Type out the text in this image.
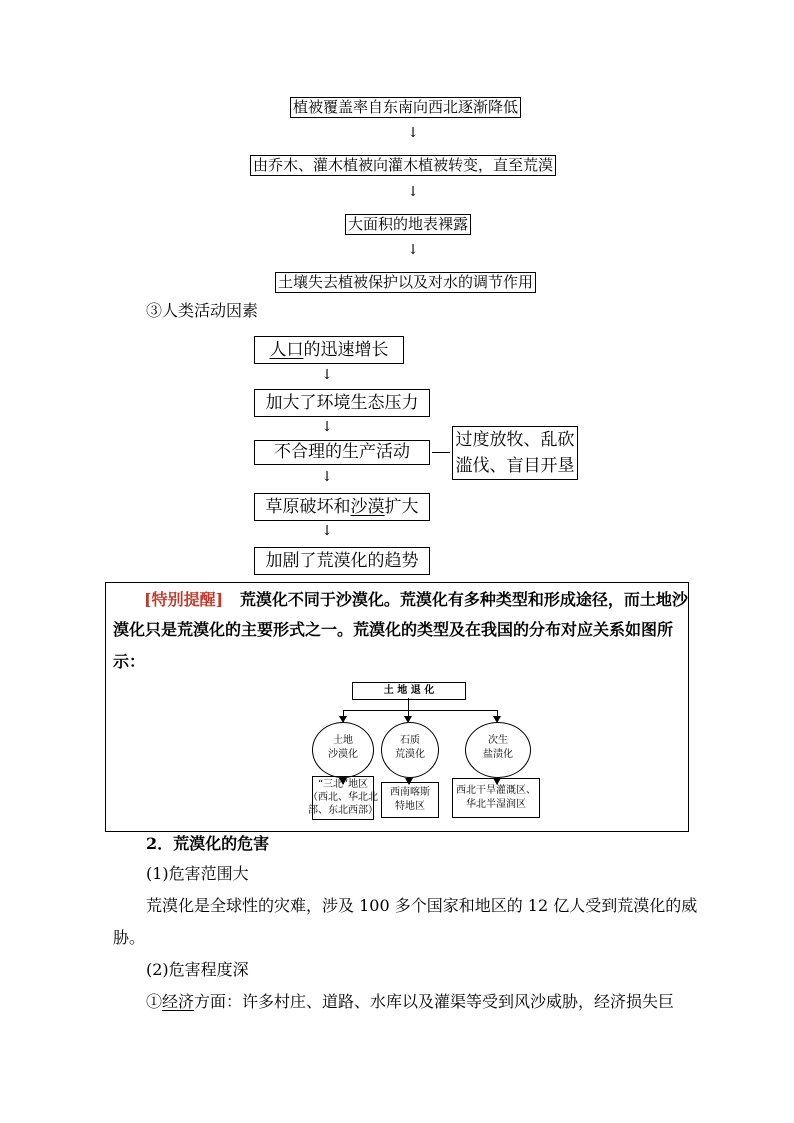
植被覆盖率自东南向西北逐渐降低
↓
由乔木、灌木植被向灌木植被转变，直至荒漠
↓
大面积的地表裸露
↓
土壤失去植被保护以及对水的调节作用
③人类活动因素
人口的迅速增长
↓
加大了环境生态压力
↓
不合理的生产活动
过度放牧、乱砍
滥伐、盲目开垦
↓
草原破坏和沙漠扩大
↓
加剧了荒漠化的趋势
[特别提醒] 荒漠化不同于沙漠化。荒漠化有多种类型和形成途径，而土地沙
漠化只是荒漠化的主要形式之一。荒漠化的类型及在我国的分布对应关系如图所
示：
土 地 退 化
土地
沙漠化
石质
荒漠化
次生
盐渍化
“三北”地区
（西北、华北北
部、东北西部）
西南喀斯
特地区
西北干旱灌溉区、
华北半湿润区
2．荒漠化的危害
(1)危害范围大
荒漠化是全球性的灾难，涉及 100 多个国家和地区的 12 亿人受到荒漠化的威
胁。
(2)危害程度深
①经济方面：许多村庄、道路、水库以及灌渠等受到风沙威胁，经济损失巨
